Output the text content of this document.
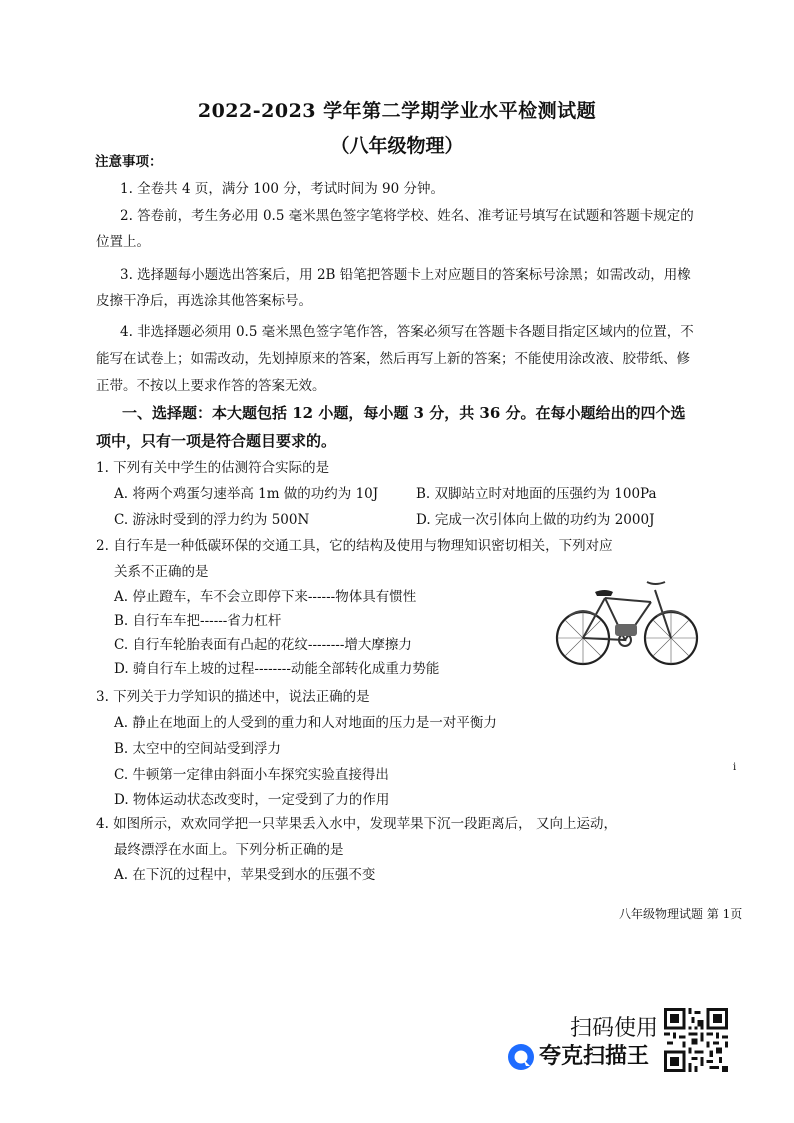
2022-2023 学年第二学期学业水平检测试题
（八年级物理）
注意事项：
1. 全卷共 4 页，满分 100 分，考试时间为 90 分钟。
2. 答卷前，考生务必用 0.5 毫米黑色签字笔将学校、姓名、准考证号填写在试题和答题卡规定的
位置上。
3. 选择题每小题选出答案后，用 2B 铅笔把答题卡上对应题目的答案标号涂黑；如需改动，用橡
皮擦干净后，再选涂其他答案标号。
4. 非选择题必须用 0.5 毫米黑色签字笔作答，答案必须写在答题卡各题目指定区域内的位置，不
能写在试卷上；如需改动，先划掉原来的答案，然后再写上新的答案；不能使用涂改液、胶带纸、修
正带。不按以上要求作答的答案无效。
一、选择题：本大题包括 12 小题，每小题 3 分，共 36 分。在每小题给出的四个选
项中，只有一项是符合题目要求的。
1. 下列有关中学生的估测符合实际的是
A. 将两个鸡蛋匀速举高 1m 做的功约为 10J	B. 双脚站立时对地面的压强约为 100Pa
C. 游泳时受到的浮力约为 500N	D. 完成一次引体向上做的功约为 2000J
2. 自行车是一种低碳环保的交通工具，它的结构及使用与物理知识密切相关，下列对应
关系不正确的是
A. 停止蹬车，车不会立即停下来------物体具有惯性
B. 自行车车把------省力杠杆
C. 自行车轮胎表面有凸起的花纹--------增大摩擦力
D. 骑自行车上坡的过程--------动能全部转化成重力势能
3. 下列关于力学知识的描述中，说法正确的是
A. 静止在地面上的人受到的重力和人对地面的压力是一对平衡力
B. 太空中的空间站受到浮力
C. 牛顿第一定律由斜面小车探究实验直接得出
D. 物体运动状态改变时，一定受到了力的作用
4. 如图所示，欢欢同学把一只苹果丢入水中，发现苹果下沉一段距离后， 又向上运动，
最终漂浮在水面上。下列分析正确的是
A. 在下沉的过程中，苹果受到水的压强不变
i
八年级物理试题 第 1页
扫码使用
夸克扫描王
